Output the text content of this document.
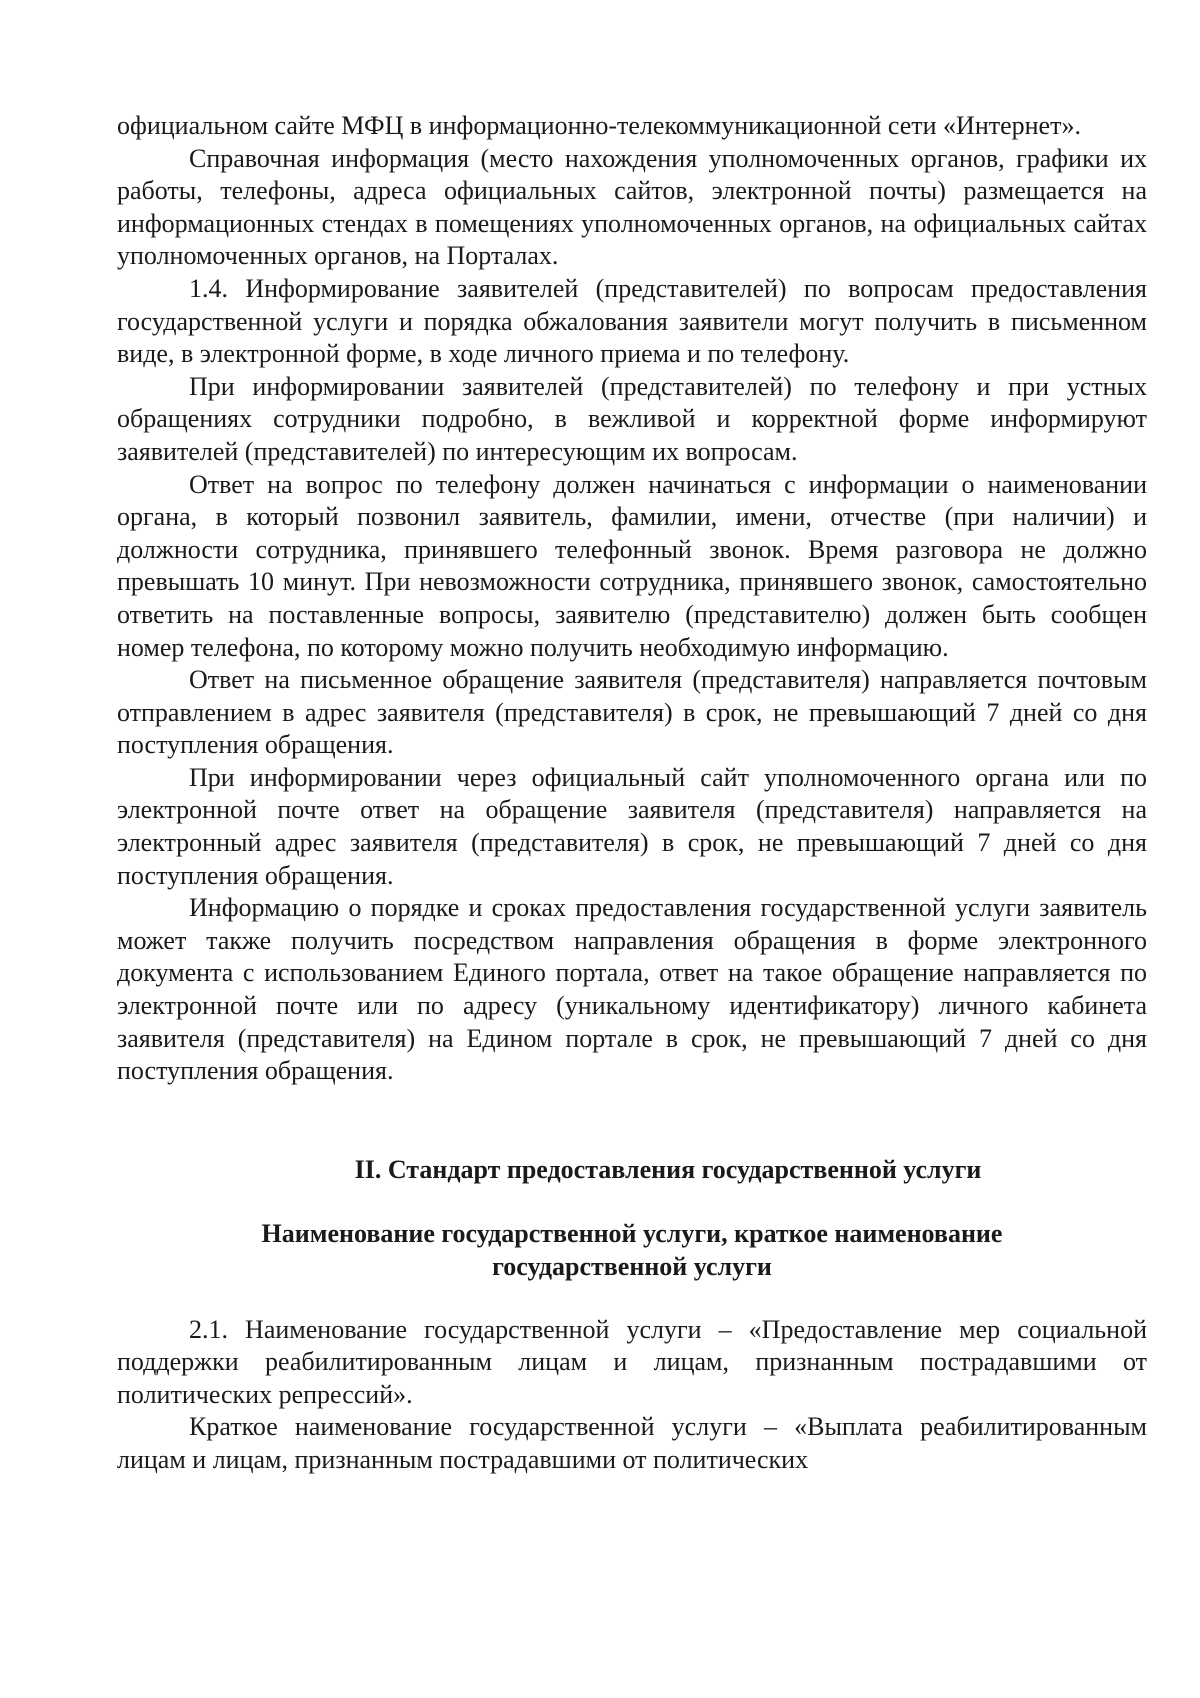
официальном сайте МФЦ в информационно-телекоммуникационной сети «Интернет».

Справочная информация (место нахождения уполномоченных органов, графики их работы, телефоны, адреса официальных сайтов, электронной почты) размещается на информационных стендах в помещениях уполномоченных органов, на официальных сайтах уполномоченных органов, на Порталах.

1.4. Информирование заявителей (представителей) по вопросам предоставления государственной услуги и порядка обжалования заявители могут получить в письменном виде, в электронной форме, в ходе личного приема и по телефону.

При информировании заявителей (представителей) по телефону и при устных обращениях сотрудники подробно, в вежливой и корректной форме информируют заявителей (представителей) по интересующим их вопросам.

Ответ на вопрос по телефону должен начинаться с информации о наименовании органа, в который позвонил заявитель, фамилии, имени, отчестве (при наличии) и должности сотрудника, принявшего телефонный звонок. Время разговора не должно превышать 10 минут. При невозможности сотрудника, принявшего звонок, самостоятельно ответить на поставленные вопросы, заявителю (представителю) должен быть сообщен номер телефона, по которому можно получить необходимую информацию.

Ответ на письменное обращение заявителя (представителя) направляется почтовым отправлением в адрес заявителя (представителя) в срок, не превышающий 7 дней со дня поступления обращения.

При информировании через официальный сайт уполномоченного органа или по электронной почте ответ на обращение заявителя (представителя) направляется на электронный адрес заявителя (представителя) в срок, не превышающий 7 дней со дня поступления обращения.

Информацию о порядке и сроках предоставления государственной услуги заявитель может также получить посредством направления обращения в форме электронного документа с использованием Единого портала, ответ на такое обращение направляется по электронной почте или по адресу (уникальному идентификатору) личного кабинета заявителя (представителя) на Едином портале в срок, не превышающий 7 дней со дня поступления обращения.

II. Стандарт предоставления государственной услуги
Наименование государственной услуги, краткое наименование
государственной услуги

2.1. Наименование государственной услуги – «Предоставление мер социальной поддержки реабилитированным лицам и лицам, признанным пострадавшими от политических репрессий».

Краткое наименование государственной услуги – «Выплата реабилитированным лицам и лицам, признанным пострадавшими от политических
